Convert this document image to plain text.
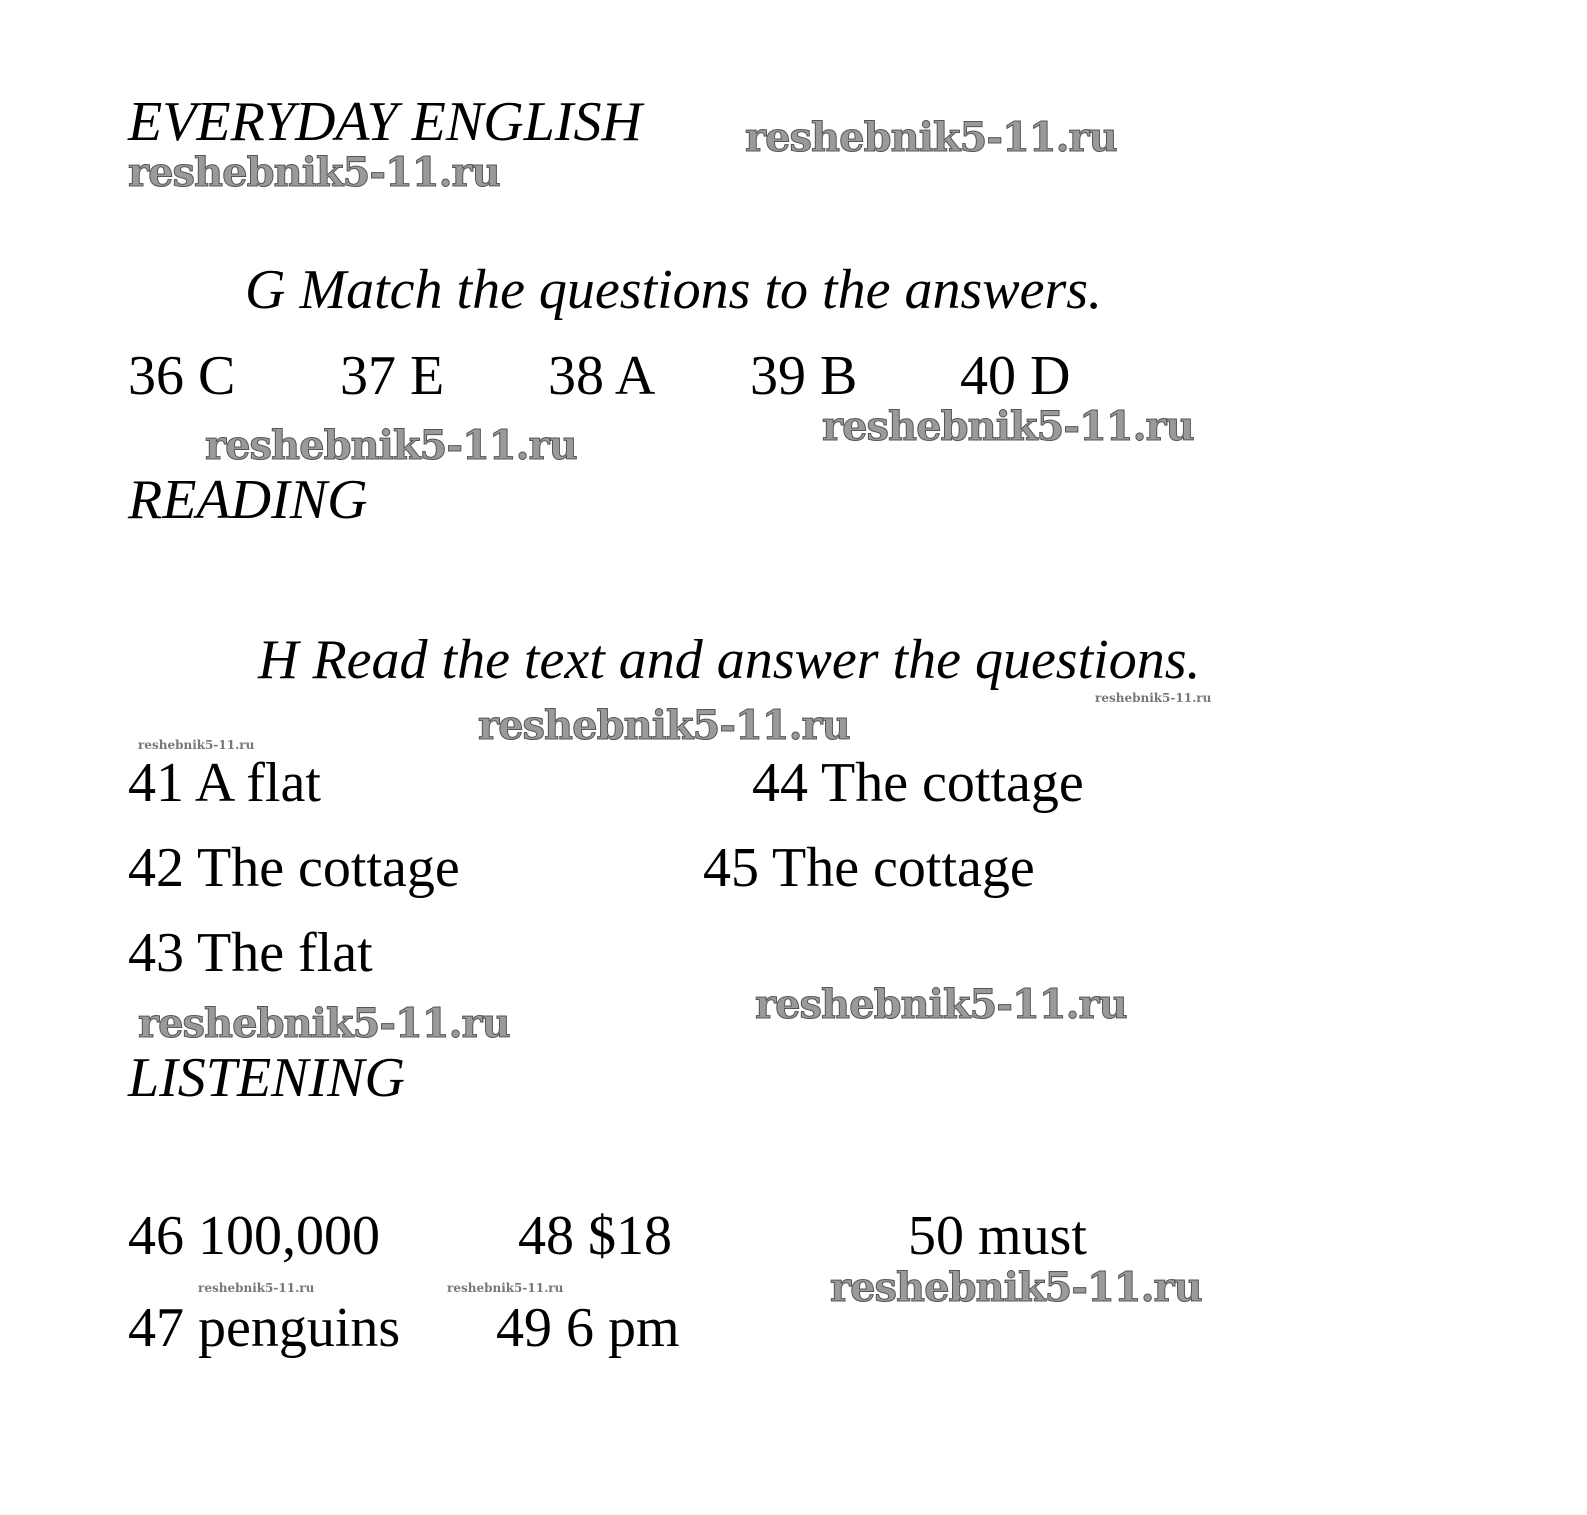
EVERYDAY ENGLISH	reshebnik5-11.ru
reshebnik5-11.ru
G Match the questions to the answers.
36 C 37 E 38 A 39 B 40 D
reshebnik5-11.ru
reshebnik5-11.ru
READING
H Read the text and answer the questions.
reshebnik5-11.ru
reshebnik5-11.ru
reshebnik5-11.ru
41 A flat	44 The cottage
42 The cottage	45 The cottage
43 The flat
reshebnik5-11.ru
reshebnik5-11.ru
LISTENING
46 100,000 48 $18	50 must
reshebnik5-11.ru
reshebnik5-11.ru	reshebnik5-11.ru
47 penguins 49 6 pm
